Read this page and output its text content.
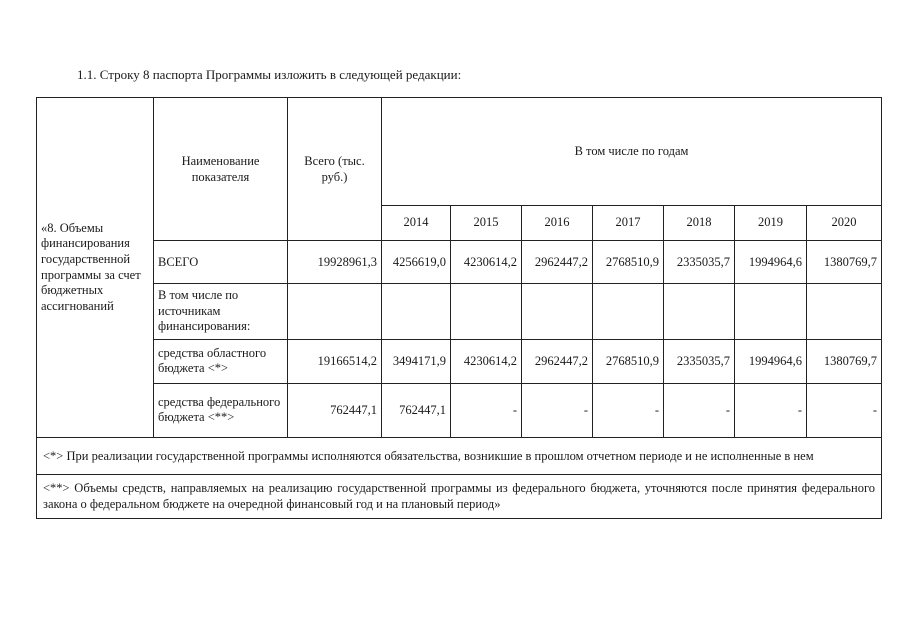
1.1. Строку 8 паспорта Программы изложить в следующей редакции:
«8. Объемы финансирования государственной программы за счет бюджетных ассигнований	Наименование показателя	Всего (тыс. руб.)	В том числе по годам						
			2014	2015	2016	2017	2018	2019	2020
	ВСЕГО	19928961,3	4256619,0	4230614,2	2962447,2	2768510,9	2335035,7	1994964,6	1380769,7
	В том числе по источникам финансирования:								
	средства областного бюджета <*>	19166514,2	3494171,9	4230614,2	2962447,2	2768510,9	2335035,7	1994964,6	1380769,7
	средства федерального бюджета <**>	762447,1	762447,1	-	-	-	-	-	-
<*> При реализации государственной программы исполняются обязательства, возникшие в прошлом отчетном периоде и не исполненные в нем									
<**> Объемы средств, направляемых на реализацию государственной программы из федерального бюджета, уточняются после принятия федерального закона о федеральном бюджете на очередной финансовый год и на плановый период»									
